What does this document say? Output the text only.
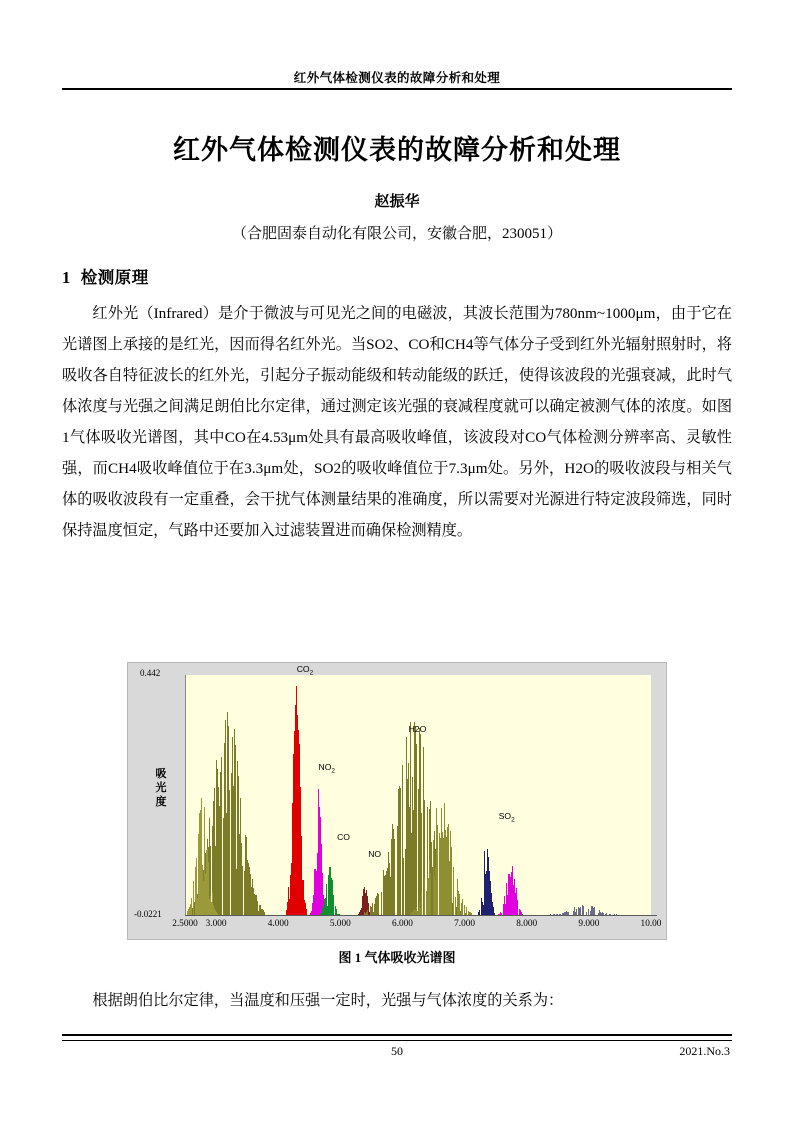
红外气体检测仪表的故障分析和处理
红外气体检测仪表的故障分析和处理
赵振华
（合肥固泰自动化有限公司，安徽合肥，230051）
1 检测原理
红外光（Infrared）是介于微波与可见光之间的电磁波，其波长范围为780nm~1000μm，由于它在光谱图上承接的是红光，因而得名红外光。当SO2、CO和CH4等气体分子受到红外光辐射照射时，将吸收各自特征波长的红外光，引起分子振动能级和转动能级的跃迁，使得该波段的光强衰减，此时气体浓度与光强之间满足朗伯比尔定律，通过测定该光强的衰减程度就可以确定被测气体的浓度。如图1气体吸收光谱图，其中CO在4.53μm处具有最高吸收峰值，该波段对CO气体检测分辨率高、灵敏性强，而CH4吸收峰值位于在3.3μm处，SO2的吸收峰值位于7.3μm处。另外，H2O的吸收波段与相关气体的吸收波段有一定重叠，会干扰气体测量结果的准确度，所以需要对光源进行特定波段筛选，同时保持温度恒定，气路中还要加入过滤装置进而确保检测精度。
0.442
-0.0221
吸
光
度
$CO_2$
$NO_2$
CO
NO
H2O
$SO_2$
2.5000 3.000	4.000	5.000	6.000	7.000	8.000	9.000	10.00
图 1 气体吸收光谱图
根据朗伯比尔定律，当温度和压强一定时，光强与气体浓度的关系为：
50	2021.No.3
